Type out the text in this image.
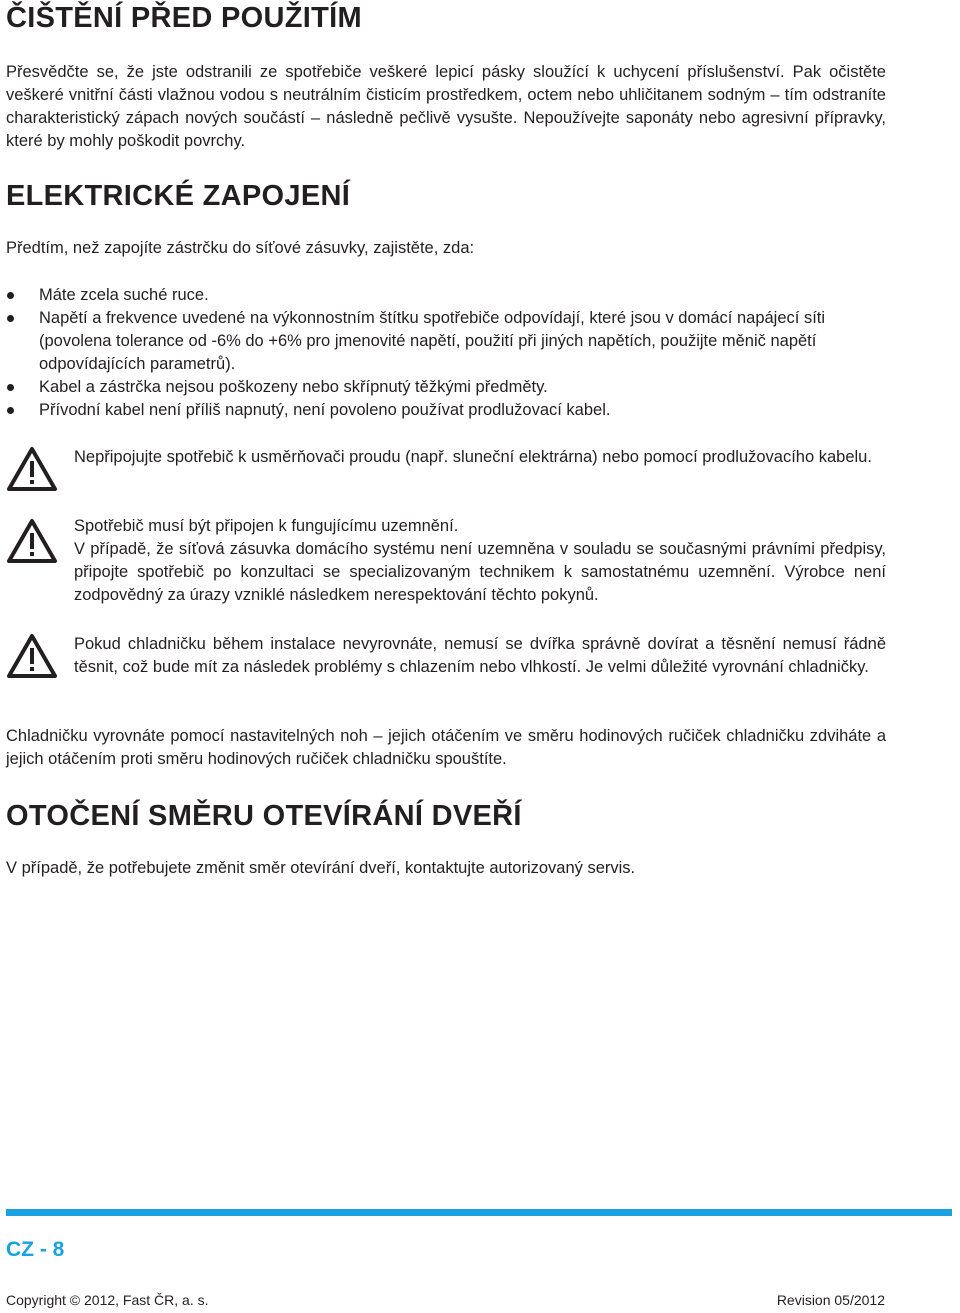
ČIŠTĚNÍ PŘED POUŽITÍM

Přesvědčte se, že jste odstranili ze spotřebiče veškeré lepicí pásky sloužící k uchycení příslušenství. Pak očistěte veškeré vnitřní části vlažnou vodou s neutrálním čisticím prostředkem, octem nebo uhličitanem sodným – tím odstraníte charakteristický zápach nových součástí – následně pečlivě vysušte. Nepoužívejte saponáty nebo agresivní přípravky, které by mohly poškodit povrchy.

ELEKTRICKÉ ZAPOJENÍ

Předtím, než zapojíte zástrčku do síťové zásuvky, zajistěte, zda:

Máte zcela suché ruce.
Napětí a frekvence uvedené na výkonnostním štítku spotřebiče odpovídají, které jsou v domácí napájecí síti (povolena tolerance od -6% do +6% pro jmenovité napětí, použití při jiných napětích, použijte měnič napětí odpovídajících parametrů).
Kabel a zástrčka nejsou poškozeny nebo skřípnutý těžkými předměty.
Přívodní kabel není příliš napnutý, není povoleno používat prodlužovací kabel.

Nepřipojujte spotřebič k usměrňovači proudu (např. sluneční elektrárna) nebo pomocí prodlužovacího kabelu.

Spotřebič musí být připojen k fungujícímu uzemnění.
V případě, že síťová zásuvka domácího systému není uzemněna v souladu se současnými právními předpisy, připojte spotřebič po konzultaci se specializovaným technikem k samostatnému uzemnění. Výrobce není zodpovědný za úrazy vzniklé následkem nerespektování těchto pokynů.

Pokud chladničku během instalace nevyrovnáte, nemusí se dvířka správně dovírat a těsnění nemusí řádně těsnit, což bude mít za následek problémy s chlazením nebo vlhkostí. Je velmi důležité vyrovnání chladničky.

Chladničku vyrovnáte pomocí nastavitelných noh – jejich otáčením ve směru hodinových ručiček chladničku zdviháte a jejich otáčením proti směru hodinových ručiček chladničku spouštíte.

OTOČENÍ SMĚRU OTEVÍRÁNÍ DVEŘÍ

V případě, že potřebujete změnit směr otevírání dveří, kontaktujte autorizovaný servis.

CZ - 8

Copyright © 2012, Fast ČR, a. s.	Revision 05/2012
